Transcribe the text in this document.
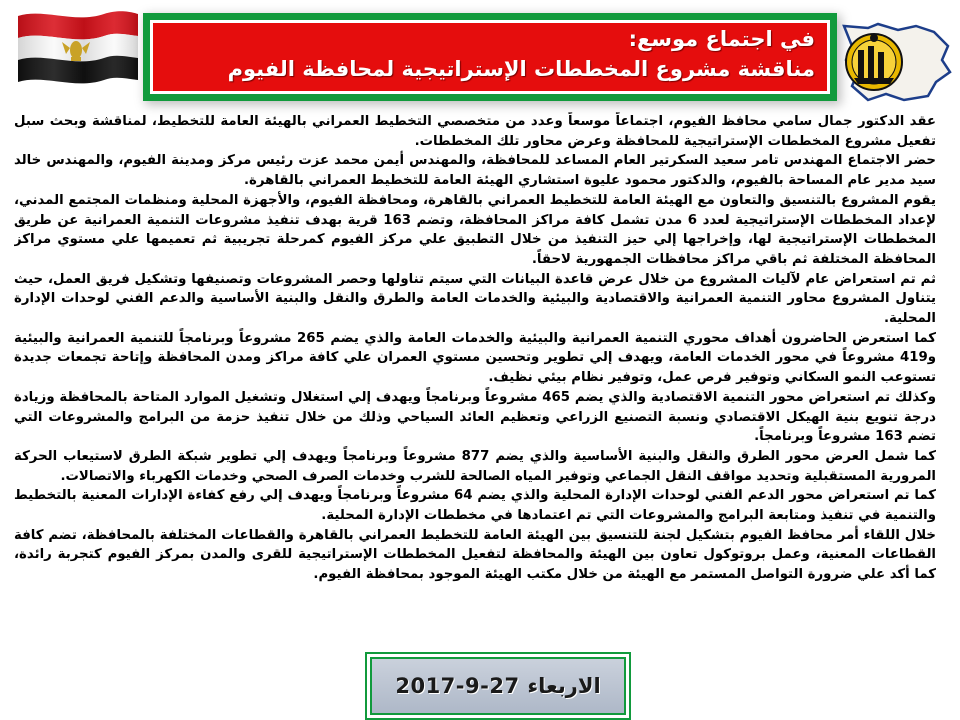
في اجتماع موسع:
مناقشة مشروع المخططات الإستراتيجية لمحافظة الفيوم

عقد الدكتور جمال سامي محافظ الفيوم، اجتماعاً موسعاً وعدد من متخصصي التخطيط العمراني بالهيئة العامة للتخطيط، لمناقشة وبحث سبل تفعيل مشروع المخططات الإستراتيجية للمحافظة وعرض محاور تلك المخططات.

حضر الاجتماع المهندس تامر سعيد السكرتير العام المساعد للمحافظة، والمهندس أيمن محمد عزت رئيس مركز ومدينة الفيوم، والمهندس خالد سيد مدير عام المساحة بالفيوم، والدكتور محمود عليوة استشاري الهيئة العامة للتخطيط العمراني بالقاهرة.

يقوم المشروع بالتنسيق والتعاون مع الهيئة العامة للتخطيط العمراني بالقاهرة، ومحافظة الفيوم، والأجهزة المحلية ومنظمات المجتمع المدني، لإعداد المخططات الإستراتيجية لعدد 6 مدن تشمل كافة مراكز المحافظة، وتضم 163 قرية بهدف تنفيذ مشروعات التنمية العمرانية عن طريق المخططات الإستراتيجية لها، وإخراجها إلي حيز التنفيذ من خلال التطبيق علي مركز الفيوم كمرحلة تجريبية ثم تعميمها علي مستوي مراكز المحافظة المختلفة ثم باقي مراكز محافظات الجمهورية لاحقاً.

ثم تم استعراض عام لآليات المشروع من خلال عرض قاعدة البيانات التي سيتم تناولها وحصر المشروعات وتصنيفها وتشكيل فريق العمل، حيث يتناول المشروع محاور التنمية العمرانية والاقتصادية والبيئية والخدمات العامة والطرق والنقل والبنية الأساسية والدعم الفني لوحدات الإدارة المحلية.

كما استعرض الحاضرون أهداف محوري التنمية العمرانية والبيئية والخدمات العامة والذي يضم 265 مشروعاً وبرنامجاً للتنمية العمرانية والبيئية و419 مشروعاً في محور الخدمات العامة، ويهدف إلي تطوير وتحسين مستوي العمران علي كافة مراكز ومدن المحافظة وإتاحة تجمعات جديدة تستوعب النمو السكاني وتوفير فرص عمل، وتوفير نظام بيئي نظيف.

وكذلك تم استعراض محور التنمية الاقتصادية والذي يضم 465 مشروعاً وبرنامجاً ويهدف إلي استغلال وتشغيل الموارد المتاحة بالمحافظة وزيادة درجة تنويع بنية الهيكل الاقتصادي ونسبة التصنيع الزراعي وتعظيم العائد السياحي وذلك من خلال تنفيذ حزمة من البرامج والمشروعات التي تضم 163 مشروعاً وبرنامجاً.

كما شمل العرض محور الطرق والنقل والبنية الأساسية والذي يضم 877 مشروعاً وبرنامجاً ويهدف إلي تطوير شبكة الطرق لاستيعاب الحركة المرورية المستقبلية وتحديد مواقف النقل الجماعي وتوفير المياه الصالحة للشرب وخدمات الصرف الصحي وخدمات الكهرباء والاتصالات.

كما تم استعراض محور الدعم الفني لوحدات الإدارة المحلية والذي يضم 64 مشروعاً وبرنامجاً ويهدف إلي رفع كفاءة الإدارات المعنية بالتخطيط والتنمية في تنفيذ ومتابعة البرامج والمشروعات التي تم اعتمادها في مخططات الإدارة المحلية.

خلال اللقاء أمر محافظ الفيوم بتشكيل لجنة للتنسيق بين الهيئة العامة للتخطيط العمراني بالقاهرة والقطاعات المختلفة بالمحافظة، تضم كافة القطاعات المعنية، وعمل بروتوكول تعاون بين الهيئة والمحافظة لتفعيل المخططات الإستراتيجية للقرى والمدن بمركز الفيوم كتجربة رائدة، كما أكد علي ضرورة التواصل المستمر مع الهيئة من خلال مكتب الهيئة الموجود بمحافظة الفيوم.

الاربعاء

2017-9-27
